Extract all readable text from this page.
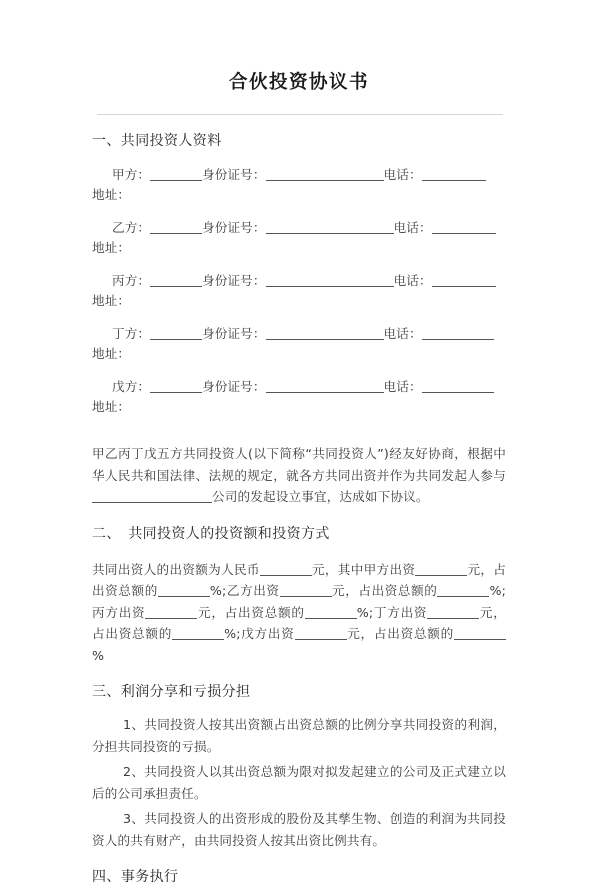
合伙投资协议书

一、共同投资人资料

甲方：	身份证号：	电话：

地址：

乙方：	身份证号：	电话：

地址：

丙方：	身份证号：	电话：

地址：

丁方：	身份证号：	电话：

地址：

戊方：	身份证号：	电话：

地址：

甲乙丙丁戊五方共同投资人(以下简称“共同投资人”)经友好协商，根据中华人民共和国法律、法规的规定，就各方共同出资并作为共同发起人参与公司的发起设立事宜，达成如下协议。

二、　共同投资人的投资额和投资方式

共同出资人的出资额为人民币	元，其中甲方出资	元，占出资总额的	%;乙方出资	元，占出资总额的	%;丙方出资	元，占出资总额的	%;丁方出资	元，占出资总额的	%;戊方出资	元，占出资总额的%

三、利润分享和亏损分担

1、共同投资人按其出资额占出资总额的比例分享共同投资的利润，分担共同投资的亏损。

2、共同投资人以其出资总额为限对拟发起建立的公司及正式建立以后的公司承担责任。

3、共同投资人的出资形成的股份及其孳生物、创造的利润为共同投资人的共有财产，由共同投资人按其出资比例共有。

四、事务执行
